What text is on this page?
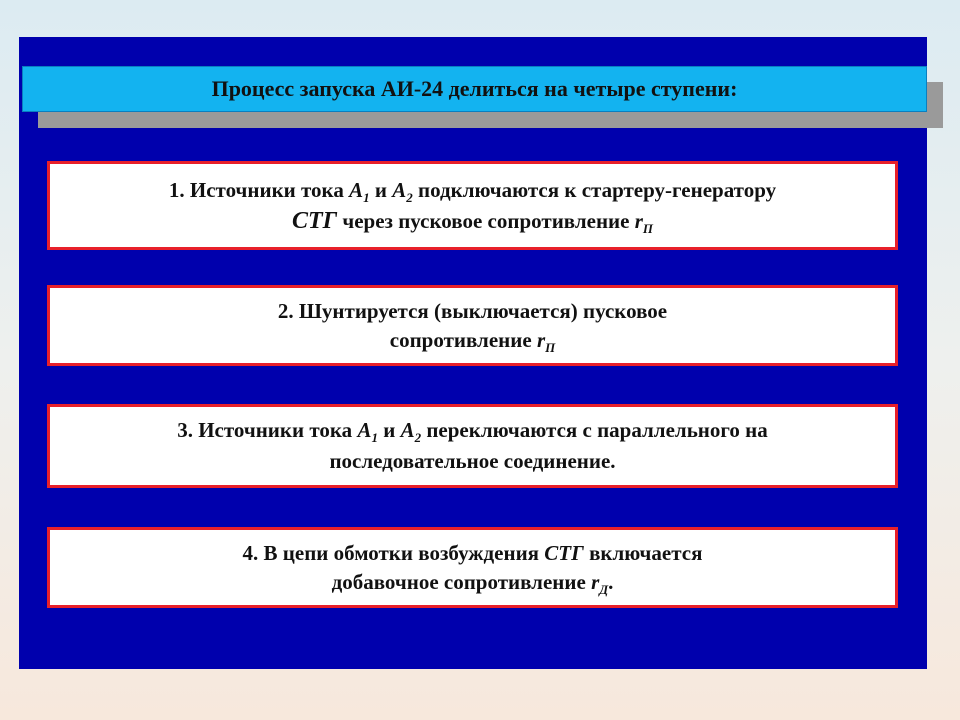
Процесс запуска АИ-24 делиться на четыре ступени:
1. Источники тока $A_1$ и $A_2$ подключаются к стартеру-генератору
СТГ через пусковое сопротивление $r_П$
2. Шунтируется (выключается) пусковое
сопротивление $r_П$
3. Источники тока $A_1$ и $A_2$ переключаются с параллельного на
последовательное соединение.
4. В цепи обмотки возбуждения СТГ включается
добавочное сопротивление $r_Д$.
